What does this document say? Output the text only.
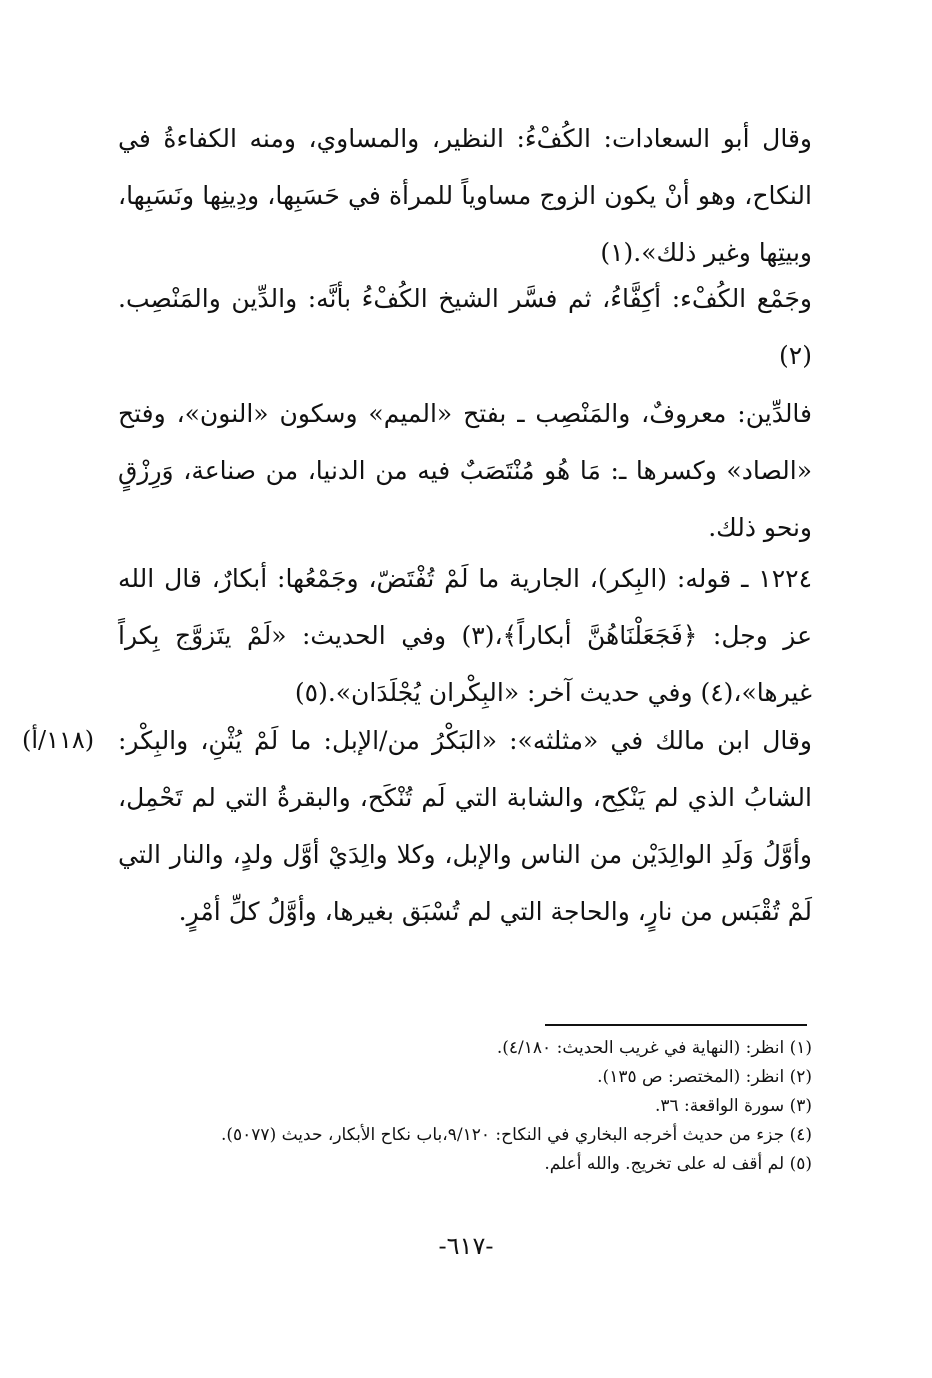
وقال أبو السعادات: الكُفْءُ: النظير، والمساوي، ومنه الكفاءةُ في النكاح، وهو أنْ يكون الزوج مساوياً للمرأة في حَسَبِها، ودِينِها ونَسَبِها، وبيتِها وغير ذلك».(١)

وجَمْع الكُفْء: أكِفَّاءُ، ثم فسَّر الشيخ الكُفْءُ بأنَّه: والدِّين والمَنْصِب.(٢)

فالدِّين: معروفٌ، والمَنْصِب ـ بفتح «الميم» وسكون «النون»، وفتح «الصاد» وكسرها ـ: مَا هُو مُنْتَصَبٌ فيه من الدنيا، من صناعة، وَرِزْقٍ ونحو ذلك.

١٢٢٤ ـ قوله: (البِكر)، الجارية ما لَمْ تُفْتَضّ، وجَمْعُها: أبكارٌ، قال الله عز وجل: ﴿فَجَعَلْنَاهُنَّ أبكاراً﴾،(٣) وفي الحديث: «لَمْ يتَزوَّج بِكراً غيرها»،(٤) وفي حديث آخر: «البِكْران يُجْلَدَان».(٥)

وقال ابن مالك في «مثلثه»: «البَكْرُ من/الإبل: ما لَمْ يُثْنِ، والبِكْر: الشابُ الذي لم يَنْكِح، والشابة التي لَم تُنْكَح، والبقرةُ التي لم تَحْمِل، وأوَّلُ وَلَدِ الوالِدَيْن من الناس والإبل، وكلا والِدَيْ أوَّل ولدٍ، والنار التي لَمْ تُقْبَس من نارٍ، والحاجة التي لم تُسْبَق بغيرها، وأوَّلُ كلِّ أمْرٍ.

(١١٨/أ)
(١) انظر: (النهاية في غريب الحديث: ٤/١٨٠).
(٢) انظر: (المختصر: ص ١٣٥).
(٣) سورة الواقعة: ٣٦.
(٤) جزء من حديث أخرجه البخاري في النكاح: ٩/١٢٠،باب نكاح الأبكار، حديث (٥٠٧٧).
(٥) لم أقف له على تخريج. والله أعلم.
-٦١٧-
